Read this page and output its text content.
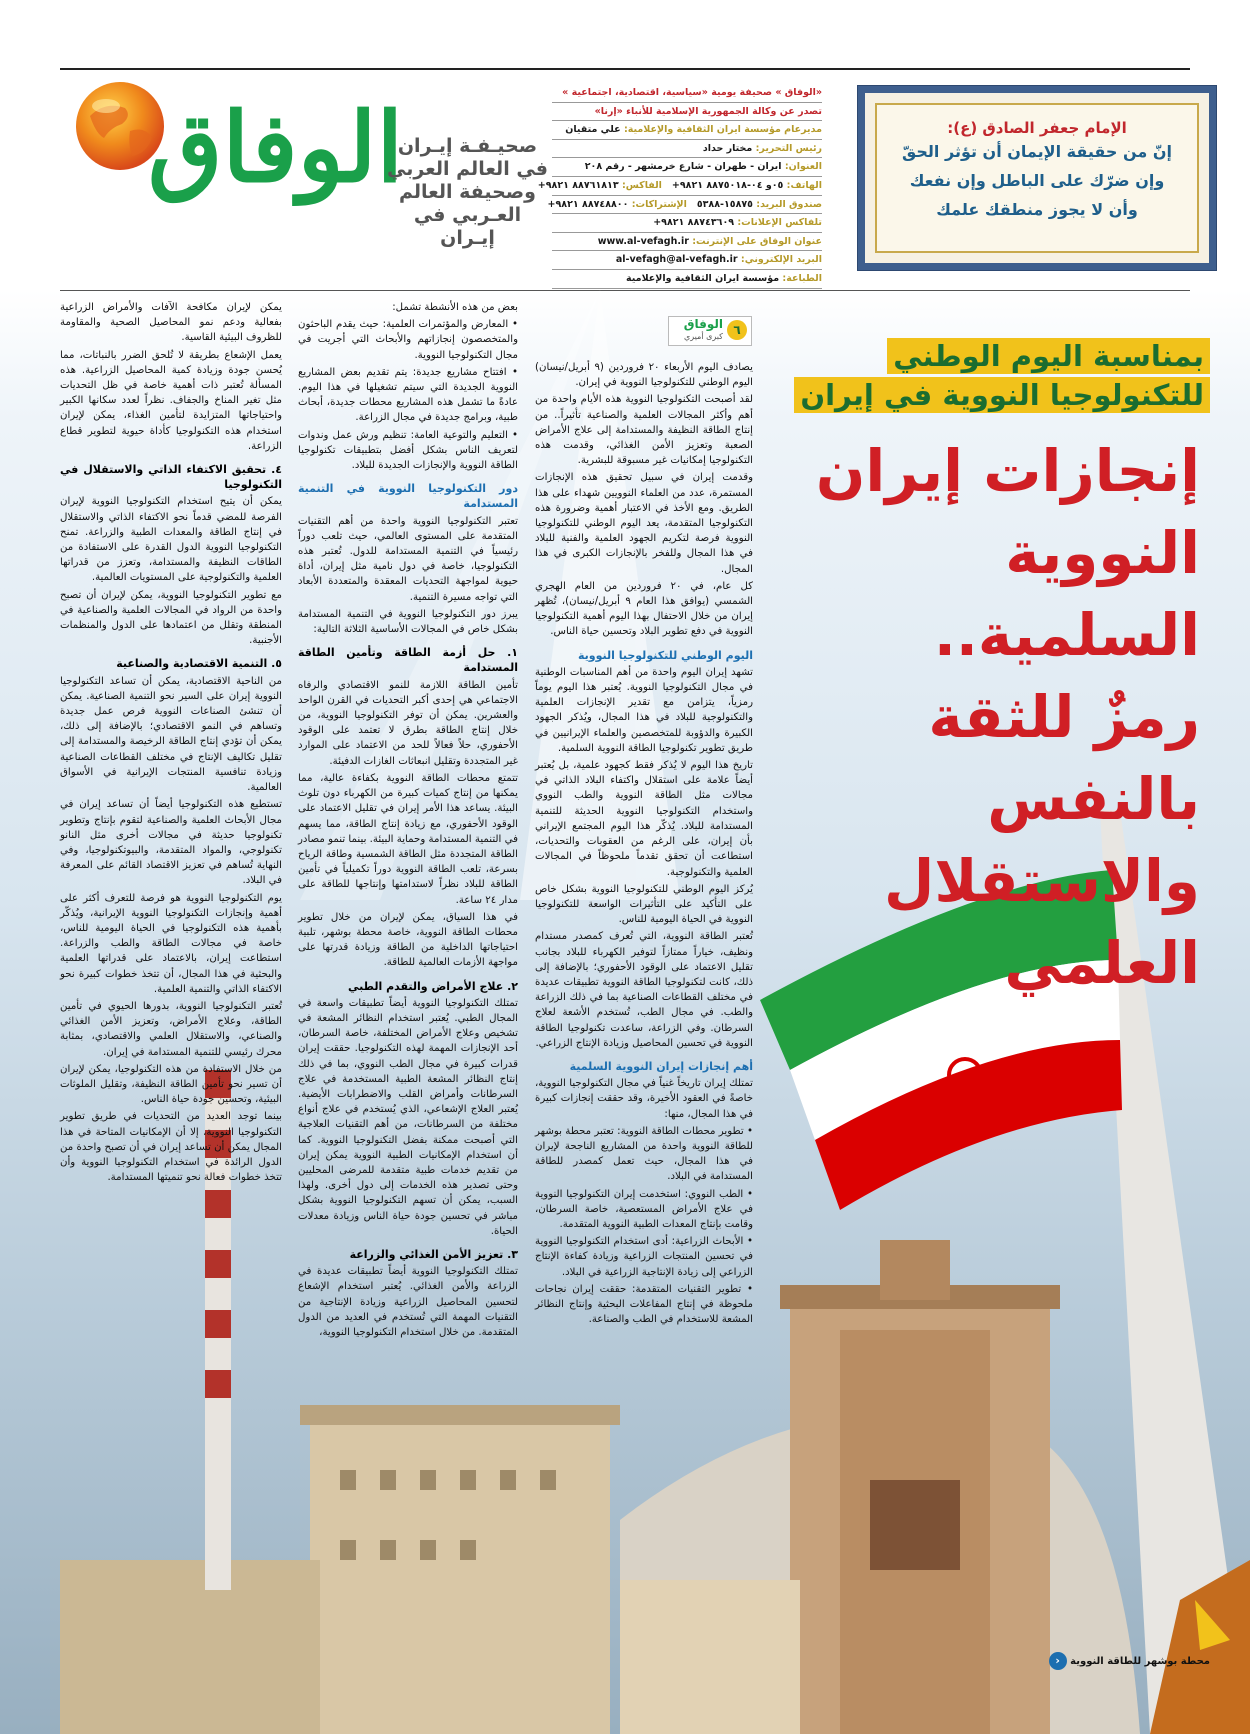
الوفاق
صحيـفـة إيـران
في العالم العربي
وصحيفة العالم
العـربي في إيـران
«الوفاق » صحيفة يومية «سياسية، اقتصادية، اجتماعية »
تصدر عن وكالة الجمهورية الإسلامية للأنباء «إرنا»
مديرعام مؤسسة ايران الثقافية والإعلامية: علي متقيان
رئيس التحرير: مختار حداد
العنوان: ايران - طهران - شارع خرمشهر - رقم ٢٠٨
الهاتف: ٠٥و ٠٤-٨٨٧٥٠١٨ ٩٨٢١+   الفاكس: ٨٨٧٦١٨١٣ ٩٨٢١+
صندوق البريد: ١٥٨٧٥-٥٣٨٨   الإشتراكات: ٨٨٧٤٨٨٠٠ ٩٨٢١+
تلفاكس الإعلانات: ٨٨٧٤٣٦٠٩ ٩٨٢١+
عنوان الوفاق على الإنترنت: www.al-vefagh.ir
البريد الإلكتروني: al-vefagh@al-vefagh.ir
الطباعة: مؤسسة ايران الثقافية والإعلامية
الإمام جعفر الصادق (ع):
إنّ من حقيقة الإيمان أن تؤثر الحقّ
وإن ضرّك على الباطل وإن نفعك
وأن لا يجوز منطقك علمك
بمناسبة اليوم الوطني
للتكنولوجيا النووية في إيران
إنجازات إيران
النووية السلمية..
رمزٌ للثقة بالنفس
والاستقلال العلمي
٦
الوفاق
كبرى أميري

يصادف اليوم الأربعاء ٢٠ فروردين (٩ أبريل/نيسان) اليوم الوطني للتكنولوجيا النووية في إيران.

لقد أصبحت التكنولوجيا النووية هذه الأيام واحدة من أهم وأكثر المجالات العلمية والصناعية تأثيراً.. من إنتاج الطاقة النظيفة والمستدامة إلى علاج الأمراض الصعبة وتعزيز الأمن الغذائي، وقدمت هذه التكنولوجيا إمكانيات غير مسبوقة للبشرية.

وقدمت إيران في سبيل تحقيق هذه الإنجازات المستمرة، عدد من العلماء النوويين شهداء على هذا الطريق. ومع الأخذ في الاعتبار أهمية وضرورة هذه التكنولوجيا المتقدمة، يعد اليوم الوطني للتكنولوجيا النووية فرصة لتكريم الجهود العلمية والفنية للبلاد في هذا المجال وللفخر بالإنجازات الكبرى في هذا المجال.

كل عام، في ٢٠ فروردين من العام الهجري الشمسي (يوافق هذا العام ٩ أبريل/نيسان)، تُظهر إيران من خلال الاحتفال بهذا اليوم أهمية التكنولوجيا النووية في دفع تطوير البلاد وتحسين حياة الناس.

اليوم الوطني للتكنولوجيا النووية

تشهد إيران اليوم واحدة من أهم المناسبات الوطنية في مجال التكنولوجيا النووية. يُعتبر هذا اليوم يوماً رمزياً، يتزامن مع تقدير الإنجازات العلمية والتكنولوجية للبلاد في هذا المجال، ويُذكر الجهود الكبيرة والدؤوبة للمتخصصين والعلماء الإيرانيين في طريق تطوير تكنولوجيا الطاقة النووية السلمية.

تاريخ هذا اليوم لا يُذكر فقط كجهود علمية، بل يُعتبر أيضاً علامة على استقلال واكتفاء البلاد الذاتي في مجالات مثل الطاقة النووية والطب النووي واستخدام التكنولوجيا النووية الحديثة للتنمية المستدامة للبلاد. يُذكّر هذا اليوم المجتمع الإيراني بأن إيران، على الرغم من العقوبات والتحديات، استطاعت أن تحقق تقدماً ملحوظاً في المجالات العلمية والتكنولوجية.

يُركز اليوم الوطني للتكنولوجيا النووية بشكل خاص على التأكيد على التأثيرات الواسعة للتكنولوجيا النووية في الحياة اليومية للناس.

تُعتبر الطاقة النووية، التي تُعرف كمصدر مستدام ونظيف، خياراً ممتازاً لتوفير الكهرباء للبلاد بجانب تقليل الاعتماد على الوقود الأحفوري؛ بالإضافة إلى ذلك، كانت لتكنولوجيا الطاقة النووية تطبيقات عديدة في مختلف القطاعات الصناعية بما في ذلك الزراعة والطب. في مجال الطب، تُستخدم الأشعة لعلاج السرطان. وفي الزراعة، ساعدت تكنولوجيا الطاقة النووية في تحسين المحاصيل وزيادة الإنتاج الزراعي.

أهم إنجازات إيران النووية السلمية

تمتلك إيران تاريخاً غنياً في مجال التكنولوجيا النووية، خاصةً في العقود الأخيرة، وقد حققت إنجازات كبيرة في هذا المجال، منها:

• تطوير محطات الطاقة النووية: تعتبر محطة بوشهر للطاقة النووية واحدة من المشاريع الناجحة لإيران في هذا المجال، حيث تعمل كمصدر للطاقة المستدامة في البلاد.

• الطب النووي: استخدمت إيران التكنولوجيا النووية في علاج الأمراض المستعصية، خاصة السرطان، وقامت بإنتاج المعدات الطبية النووية المتقدمة.

• الأبحاث الزراعية: أدى استخدام التكنولوجيا النووية في تحسين المنتجات الزراعية وزيادة كفاءة الإنتاج الزراعي إلى زيادة الإنتاجية الزراعية في البلاد.

• تطوير التقنيات المتقدمة: حققت إيران نجاحات ملحوظة في إنتاج المفاعلات البحثية وإنتاج النظائر المشعة للاستخدام في الطب والصناعة.

بعض من هذه الأنشطة تشمل:

• المعارض والمؤتمرات العلمية: حيث يقدم الباحثون والمتخصصون إنجازاتهم والأبحاث التي أجريت في مجال التكنولوجيا النووية.

• افتتاح مشاريع جديدة: يتم تقديم بعض المشاريع النووية الجديدة التي سيتم تشغيلها في هذا اليوم. عادةً ما تشمل هذه المشاريع محطات جديدة، أبحاث طبية، وبرامج جديدة في مجال الزراعة.

• التعليم والتوعية العامة: تنظيم ورش عمل وندوات لتعريف الناس بشكل أفضل بتطبيقات تكنولوجيا الطاقة النووية والإنجازات الجديدة للبلاد.

دور التكنولوجيا النووية في التنمية المستدامة

تعتبر التكنولوجيا النووية واحدة من أهم التقنيات المتقدمة على المستوى العالمي، حيث تلعب دوراً رئيسياً في التنمية المستدامة للدول. تُعتبر هذه التكنولوجيا، خاصة في دول نامية مثل إيران، أداة حيوية لمواجهة التحديات المعقدة والمتعددة الأبعاد التي تواجه مسيرة التنمية.

يبرز دور التكنولوجيا النووية في التنمية المستدامة بشكل خاص في المجالات الأساسية الثلاثة التالية:

١. حل أزمة الطاقة وتأمين الطاقة المستدامة

تأمين الطاقة اللازمة للنمو الاقتصادي والرفاه الاجتماعي هي إحدى أكبر التحديات في القرن الواحد والعشرين. يمكن أن توفر التكنولوجيا النووية، من خلال إنتاج الطاقة بطرق لا تعتمد على الوقود الأحفوري، حلاً فعالاً للحد من الاعتماد على الموارد غير المتجددة وتقليل انبعاثات الغازات الدفيئة.

تتمتع محطات الطاقة النووية بكفاءة عالية، مما يمكنها من إنتاج كميات كبيرة من الكهرباء دون تلوث البيئة. يساعد هذا الأمر إيران في تقليل الاعتماد على الوقود الأحفوري، مع زيادة إنتاج الطاقة، مما يسهم في التنمية المستدامة وحماية البيئة. بينما تنمو مصادر الطاقة المتجددة مثل الطاقة الشمسية وطاقة الرياح بسرعة، تلعب الطاقة النووية دوراً تكميلياً في تأمين الطاقة للبلاد نظراً لاستدامتها وإنتاجها للطاقة على مدار ٢٤ ساعة.

في هذا السياق، يمكن لإيران من خلال تطوير محطات الطاقة النووية، خاصة محطة بوشهر، تلبية احتياجاتها الداخلية من الطاقة وزيادة قدرتها على مواجهة الأزمات العالمية للطاقة.

٢. علاج الأمراض والتقدم الطبي

تمتلك التكنولوجيا النووية أيضاً تطبيقات واسعة في المجال الطبي. يُعتبر استخدام النظائر المشعة في تشخيص وعلاج الأمراض المختلفة، خاصة السرطان، أحد الإنجازات المهمة لهذه التكنولوجيا. حققت إيران قدرات كبيرة في مجال الطب النووي، بما في ذلك إنتاج النظائر المشعة الطبية المستخدمة في علاج السرطانات وأمراض القلب والاضطرابات الأيضية. يُعتبر العلاج الإشعاعي، الذي يُستخدم في علاج أنواع مختلفة من السرطانات، من أهم التقنيات العلاجية التي أصبحت ممكنة بفضل التكنولوجيا النووية. كما أن استخدام الإمكانيات الطبية النووية يمكن إيران من تقديم خدمات طبية متقدمة للمرضى المحليين وحتى تصدير هذه الخدمات إلى دول أخرى. ولهذا السبب، يمكن أن تسهم التكنولوجيا النووية بشكل مباشر في تحسين جودة حياة الناس وزيادة معدلات الحياة.

٣. تعزيز الأمن الغذائي والزراعة

تمتلك التكنولوجيا النووية أيضاً تطبيقات عديدة في الزراعة والأمن الغذائي. يُعتبر استخدام الإشعاع لتحسين المحاصيل الزراعية وزيادة الإنتاجية من التقنيات المهمة التي تُستخدم في العديد من الدول المتقدمة. من خلال استخدام التكنولوجيا النووية،

يمكن لإيران مكافحة الآفات والأمراض الزراعية بفعالية ودعم نمو المحاصيل الصحية والمقاومة للظروف البيئية القاسية.

يعمل الإشعاع بطريقة لا تُلحق الضرر بالنباتات، مما يُحسن جودة وزيادة كمية المحاصيل الزراعية. هذه المسألة تُعتبر ذات أهمية خاصة في ظل التحديات مثل تغير المناخ والجفاف. نظراً لعدد سكانها الكبير واحتياجاتها المتزايدة لتأمين الغذاء، يمكن لإيران استخدام هذه التكنولوجيا كأداة حيوية لتطوير قطاع الزراعة.

٤. تحقيق الاكتفاء الذاتي والاستقلال في التكنولوجيا

يمكن أن يتيح استخدام التكنولوجيا النووية لإيران الفرصة للمضي قدماً نحو الاكتفاء الذاتي والاستقلال في إنتاج الطاقة والمعدات الطبية والزراعة. تمنح التكنولوجيا النووية الدول القدرة على الاستفادة من الطاقات النظيفة والمستدامة، وتعزز من قدراتها العلمية والتكنولوجية على المستويات العالمية.

مع تطوير التكنولوجيا النووية، يمكن لإيران أن تصبح واحدة من الرواد في المجالات العلمية والصناعية في المنطقة وتقلل من اعتمادها على الدول والمنظمات الأجنبية.

٥. التنمية الاقتصادية والصناعية

من الناحية الاقتصادية، يمكن أن تساعد التكنولوجيا النووية إيران على السير نحو التنمية الصناعية. يمكن أن تنشئ الصناعات النووية فرص عمل جديدة وتساهم في النمو الاقتصادي؛ بالإضافة إلى ذلك، يمكن أن تؤدي إنتاج الطاقة الرخيصة والمستدامة إلى تقليل تكاليف الإنتاج في مختلف القطاعات الصناعية وزيادة تنافسية المنتجات الإيرانية في الأسواق العالمية.

تستطيع هذه التكنولوجيا أيضاً أن تساعد إيران في مجال الأبحاث العلمية والصناعية لتقوم بإنتاج وتطوير تكنولوجيا حديثة في مجالات أخرى مثل النانو تكنولوجي، والمواد المتقدمة، والبيوتكنولوجيا، وفي النهاية تُساهم في تعزيز الاقتصاد القائم على المعرفة في البلاد.

يوم التكنولوجيا النووية هو فرصة للتعرف أكثر على أهمية وإنجازات التكنولوجيا النووية الإيرانية، ويُذكّر بأهمية هذه التكنولوجيا في الحياة اليومية للناس، خاصة في مجالات الطاقة والطب والزراعة. استطاعت إيران، بالاعتماد على قدراتها العلمية والبحثية في هذا المجال، أن تتخذ خطوات كبيرة نحو الاكتفاء الذاتي والتنمية العلمية.

تُعتبر التكنولوجيا النووية، بدورها الحيوي في تأمين الطاقة، وعلاج الأمراض، وتعزيز الأمن الغذائي والصناعي، والاستقلال العلمي والاقتصادي، بمثابة محرك رئيسي للتنمية المستدامة في إيران.

من خلال الاستفادة من هذه التكنولوجيا، يمكن لإيران أن تسير نحو تأمين الطاقة النظيفة، وتقليل الملوثات البيئية، وتحسين جودة حياة الناس.

بينما توجد العديد من التحديات في طريق تطوير التكنولوجيا النووية، إلا أن الإمكانيات المتاحة في هذا المجال يمكن أن تساعد إيران في أن تصبح واحدة من الدول الرائدة في استخدام التكنولوجيا النووية وأن تتخذ خطوات فعالة نحو تنميتها المستدامة.

محطة بوشهر للطاقة النووية ‹
